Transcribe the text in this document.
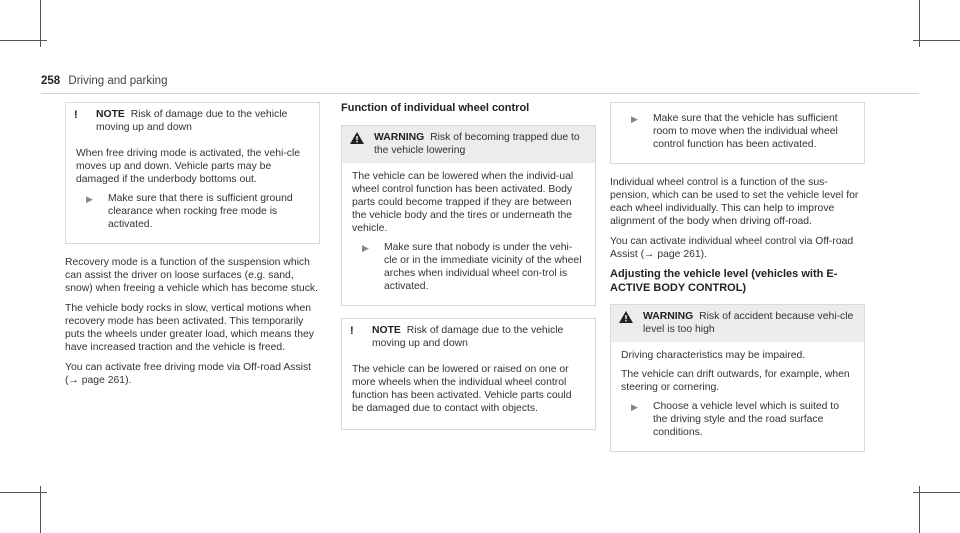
258 Driving and parking
!	NOTE Risk of damage due to the vehicle moving up and down

When free driving mode is activated, the vehi-cle moves up and down. Vehicle parts may be damaged if the underbody bottoms out.

▶
Make sure that there is sufficient ground clearance when rocking free mode is activated.

Recovery mode is a function of the suspension which can assist the driver on loose surfaces (e.g. sand, snow) when freeing a vehicle which has become stuck.

The vehicle body rocks in slow, vertical motions when recovery mode has been activated. This temporarily puts the wheels under greater load, which means they have increased traction and the vehicle is freed.

You can activate free driving mode via Off-road Assist (→ page 261).

Function of individual wheel control
WARNING Risk of becoming trapped due to the vehicle lowering

The vehicle can be lowered when the individ-ual wheel control function has been activated. Body parts could become trapped if they are between the vehicle body and the tires or underneath the vehicle.

▶
Make sure that nobody is under the vehi-cle or in the immediate vicinity of the wheel arches when individual wheel con-trol is activated.
!	NOTE Risk of damage due to the vehicle moving up and down

The vehicle can be lowered or raised on one or more wheels when the individual wheel control function has been activated. Vehicle parts could be damaged due to contact with objects.

▶
Make sure that the vehicle has sufficient room to move when the individual wheel control function has been activated.

Individual wheel control is a function of the sus-pension, which can be used to set the vehicle level for each wheel individually. This can help to improve alignment of the body when driving off-road.

You can activate individual wheel control via Off-road Assist (→ page 261).

Adjusting the vehicle level (vehicles with E-ACTIVE BODY CONTROL)
WARNING Risk of accident because vehi-cle level is too high

Driving characteristics may be impaired.

The vehicle can drift outwards, for example, when steering or cornering.

▶
Choose a vehicle level which is suited to the driving style and the road surface conditions.
